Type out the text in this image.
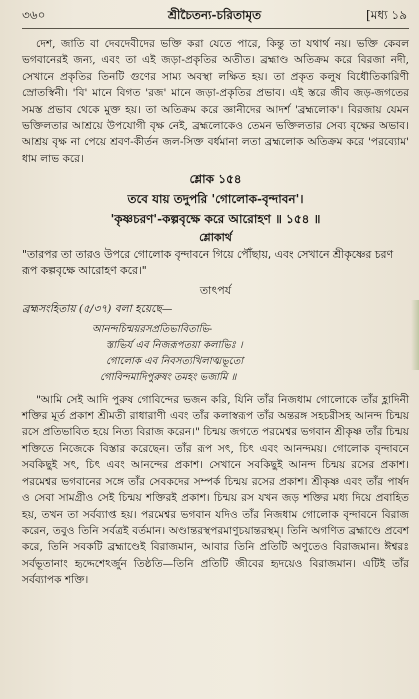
৩৬০	শ্রীচৈতন্য-চরিতামৃত	[মধ্য ১৯

দেশ, জাতি বা দেবদেবীদের ভক্তি করা যেতে পারে, কিন্তু তা যথার্থ নয়। ভক্তি কেবল ভগবানেরই জন্য, এবং তা এই জড়া-প্রকৃতির অতীত। ব্রহ্মাণ্ড অতিক্রম করে বিরজা নদী, সেখানে প্রকৃতির তিনটি গুণের সাম্য অবস্থা লক্ষিত হয়। তা প্রকৃত কলুষ বিধৌতিকারিণী স্রোতস্বিনী। 'বি' মানে বিগত 'রজ' মানে জড়া-প্রকৃতির প্রভাব। এই স্তরে জীব জড়-জগতের সমস্ত প্রভাব থেকে মুক্ত হয়। তা অতিক্রম করে জ্ঞানীদের আদর্শ 'ব্রহ্মলোক'। বিরজায় যেমন ভক্তিলতার আশ্রয়ে উপযোগী বৃক্ষ নেই, ব্রহ্মলোকেও তেমন ভক্তিলতার সেব্য বৃক্ষের অভাব। আশ্রয় বৃক্ষ না পেয়ে শ্রবণ-কীর্তন জল-সিক্ত বর্ধমানা লতা ব্রহ্মলোক অতিক্রম করে 'পরব্যোম' ধাম লাভ করে।

শ্লোক ১৫৪
তবে যায় তদুপরি 'গোলোক-বৃন্দাবন'।
'কৃষ্ণচরণ'-কল্পবৃক্ষে করে আরোহণ ॥ ১৫৪ ॥
শ্লোকার্থ

"তারপর তা তারও উপরে গোলোক বৃন্দাবনে গিয়ে পৌঁছায়, এবং সেখানে শ্রীকৃষ্ণের চরণ রূপ কল্পবৃক্ষে আরোহণ করে।"

তাৎপর্য

ব্রহ্মসংহিতায় (৫/৩৭) বলা হয়েছে—

আনন্দচিন্ময়রসপ্রতিভাবিতাভি-
স্তাভির্য এব নিজরূপতয়া কলাভিঃ ।
গোলোক এব নিবসত্যখিলাত্মভূতো
গোবিন্দমাদিপুরুষং তমহং ভজামি ॥

"আমি সেই আদি পুরুষ গোবিন্দের ভজন করি, যিনি তাঁর নিজধাম গোলোকে তাঁর হ্লাদিনী শক্তির মূর্ত প্রকাশ শ্রীমতী রাধারাণী এবং তাঁর কলাস্বরূপ তাঁর অন্তরঙ্গ সহচরীসহ আনন্দ চিন্ময় রসে প্রতিভাবিত হয়ে নিত্য বিরাজ করেন।" চিন্ময় জগতে পরমেশ্বর ভগবান শ্রীকৃষ্ণ তাঁর চিন্ময় শক্তিতে নিজেকে বিস্তার করেছেন। তাঁর রূপ সৎ, চিৎ এবং আনন্দময়। গোলোক বৃন্দাবনে সবকিছুই সৎ, চিৎ এবং আনন্দের প্রকাশ। সেখানে সবকিছুই আনন্দ চিন্ময় রসের প্রকাশ। পরমেশ্বর ভগবানের সঙ্গে তাঁর সেবকদের সম্পর্ক চিন্ময় রসের প্রকাশ। শ্রীকৃষ্ণ এবং তাঁর পার্ষদ ও সেবা সামগ্রীও সেই চিন্ময় শক্তিরই প্রকাশ। চিন্ময় রস যখন জড় শক্তির মধ্য দিয়ে প্রবাহিত হয়, তখন তা সর্বব্যাপ্ত হয়। পরমেশ্বর ভগবান যদিও তাঁর নিজধাম গোলোক বৃন্দাবনে বিরাজ করেন, তবুও তিনি সর্বত্রই বর্তমান। অণ্ডান্তরস্থপরমাণুচয়ান্তরস্থম্। তিনি অগণিত ব্রহ্মাণ্ডে প্রবেশ করে, তিনি সবকটি ব্রহ্মাণ্ডেই বিরাজমান, আবার তিনি প্রতিটি অণুতেও বিরাজমান। ঈশ্বরঃ সর্বভূতানাং হৃদ্দেশেঽর্জুন তিষ্ঠতি—তিনি প্রতিটি জীবের হৃদয়েও বিরাজমান। এটিই তাঁর সর্বব্যাপক শক্তি।
